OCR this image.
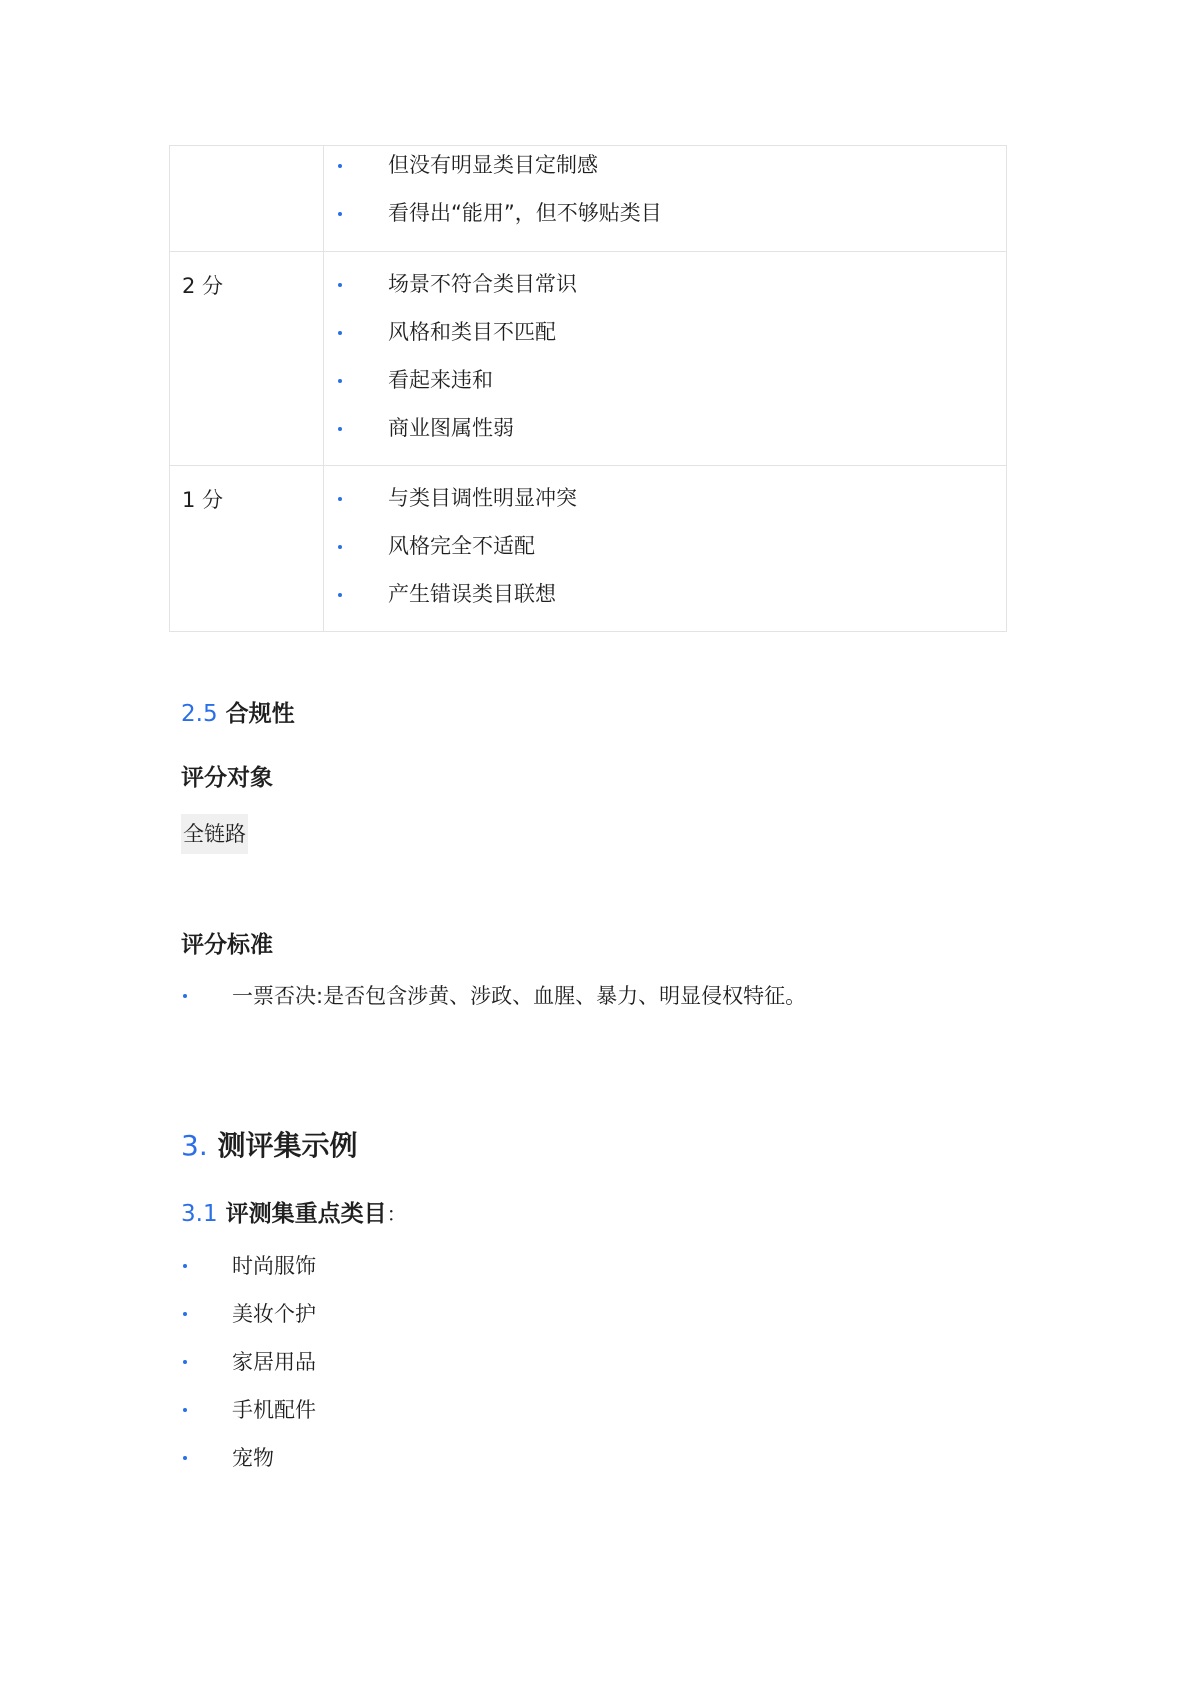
但没有明显类目定制感
看得出“能用”，但不够贴类目
2 分	场景不符合类目常识
风格和类目不匹配
看起来违和
商业图属性弱
1 分	与类目调性明显冲突
风格完全不适配
产生错误类目联想
2.5 合规性
评分对象
全链路
评分标准
一票否决:是否包含涉黄、涉政、血腥、暴力、明显侵权特征。
3. 测评集示例
3.1 评测集重点类目：
时尚服饰
美妆个护
家居用品
手机配件
宠物
